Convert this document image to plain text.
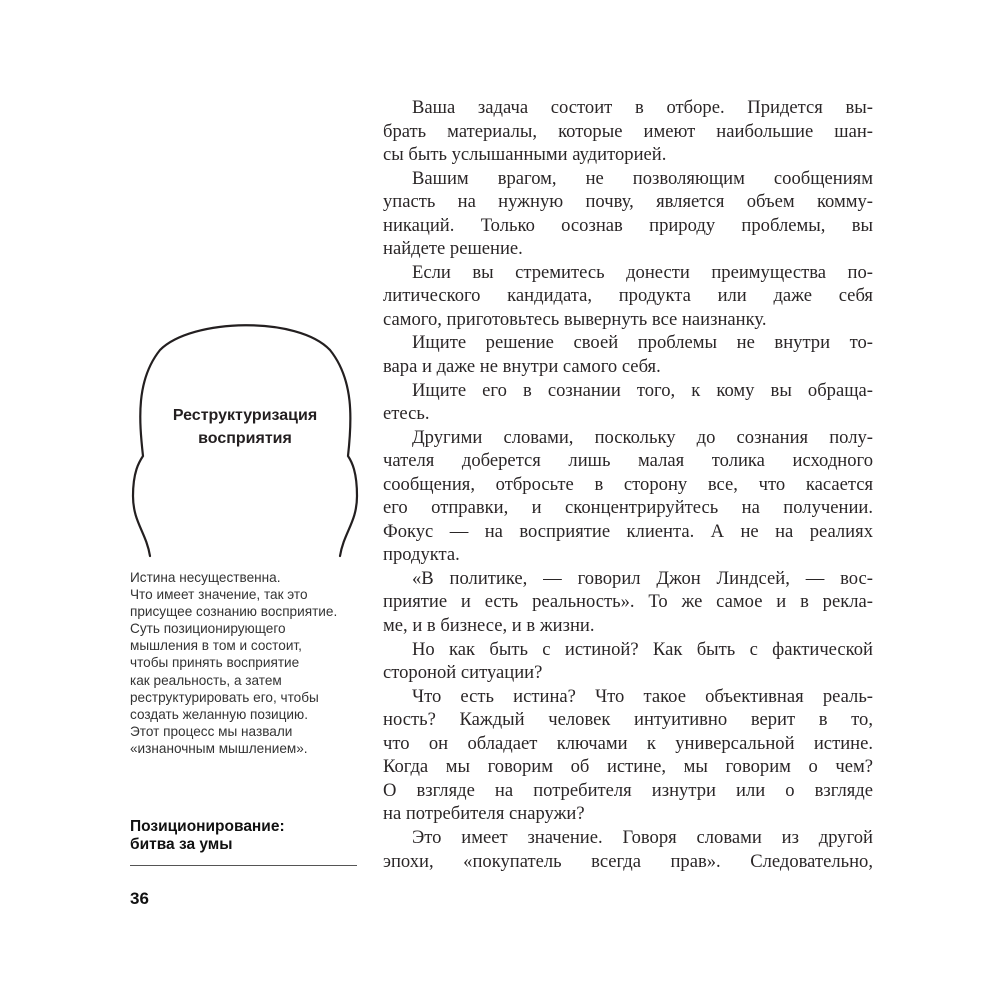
Реструктуризация
восприятия
Истина несущественна.
Что имеет значение, так это
присущее сознанию восприятие.
Суть позиционирующего
мышления в том и состоит,
чтобы принять восприятие
как реальность, а затем
реструктурировать его, чтобы
создать желанную позицию.
Этот процесс мы назвали
«изнаночным мышлением».
Позиционирование:
битва за умы
36
Ваша задача состоит в отборе. Придется вы-
брать материалы, которые имеют наибольшие шан-
сы быть услышанными аудиторией.
Вашим врагом, не позволяющим сообщениям
упасть на нужную почву, является объем комму-
никаций. Только осознав природу проблемы, вы
найдете решение.
Если вы стремитесь донести преимущества по-
литического кандидата, продукта или даже себя
самого, приготовьтесь вывернуть все наизнанку.
Ищите решение своей проблемы не внутри то-
вара и даже не внутри самого себя.
Ищите его в сознании того, к кому вы обраща-
етесь.
Другими словами, поскольку до сознания полу-
чателя доберется лишь малая толика исходного
сообщения, отбросьте в сторону все, что касается
его отправки, и сконцентрируйтесь на получении.
Фокус — на восприятие клиента. А не на реалиях
продукта.
«В политике, — говорил Джон Линдсей, — вос-
приятие и есть реальность». То же самое и в рекла-
ме, и в бизнесе, и в жизни.
Но как быть с истиной? Как быть с фактической
стороной ситуации?
Что есть истина? Что такое объективная реаль-
ность? Каждый человек интуитивно верит в то,
что он обладает ключами к универсальной истине.
Когда мы говорим об истине, мы говорим о чем?
О взгляде на потребителя изнутри или о взгляде
на потребителя снаружи?
Это имеет значение. Говоря словами из другой
эпохи, «покупатель всегда прав». Следовательно,
